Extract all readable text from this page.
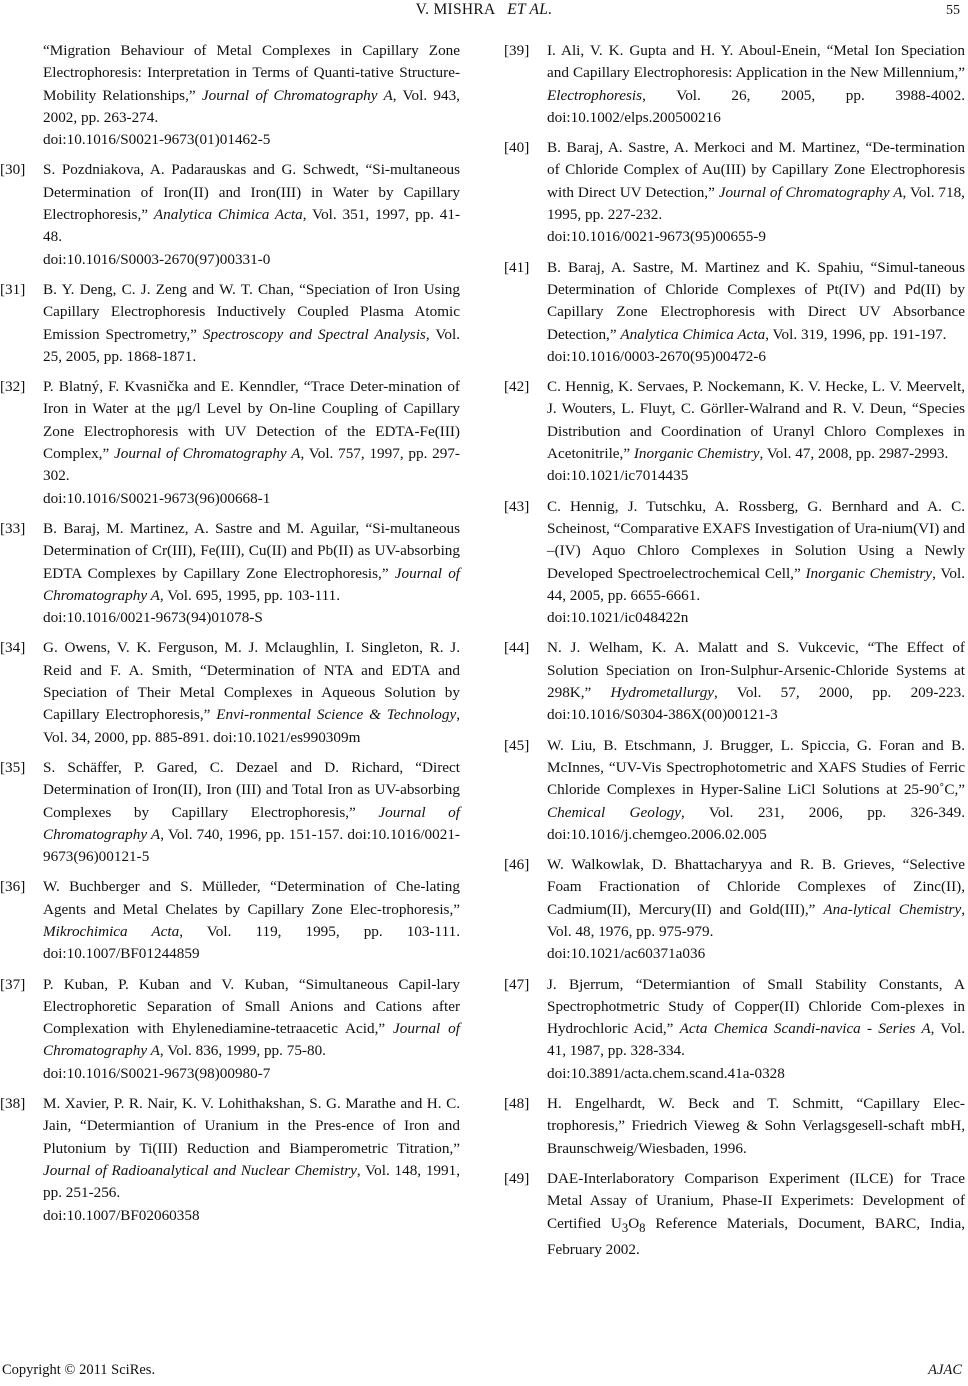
V. MISHRA ET AL.	55
“Migration Behaviour of Metal Complexes in Capillary Zone Electrophoresis: Interpretation in Terms of Quanti-tative Structure-Mobility Relationships,” Journal of Chromatography A, Vol. 943, 2002, pp. 263-274.
doi:10.1016/S0021-9673(01)01462-5
[30] S. Pozdniakova, A. Padarauskas and G. Schwedt, “Si-multaneous Determination of Iron(II) and Iron(III) in Water by Capillary Electrophoresis,” Analytica Chimica Acta, Vol. 351, 1997, pp. 41-48.
doi:10.1016/S0003-2670(97)00331-0
[31] B. Y. Deng, C. J. Zeng and W. T. Chan, “Speciation of Iron Using Capillary Electrophoresis Inductively Coupled Plasma Atomic Emission Spectrometry,” Spectroscopy and Spectral Analysis, Vol. 25, 2005, pp. 1868-1871.
[32] P. Blatný, F. Kvasnička and E. Kenndler, “Trace Deter-mination of Iron in Water at the μg/l Level by On-line Coupling of Capillary Zone Electrophoresis with UV Detection of the EDTA-Fe(III) Complex,” Journal of Chromatography A, Vol. 757, 1997, pp. 297-302.
doi:10.1016/S0021-9673(96)00668-1
[33] B. Baraj, M. Martinez, A. Sastre and M. Aguilar, “Si-multaneous Determination of Cr(III), Fe(III), Cu(II) and Pb(II) as UV-absorbing EDTA Complexes by Capillary Zone Electrophoresis,” Journal of Chromatography A, Vol. 695, 1995, pp. 103-111.
doi:10.1016/0021-9673(94)01078-S
[34] G. Owens, V. K. Ferguson, M. J. Mclaughlin, I. Singleton, R. J. Reid and F. A. Smith, “Determination of NTA and EDTA and Speciation of Their Metal Complexes in Aqueous Solution by Capillary Electrophoresis,” Envi-ronmental Science & Technology, Vol. 34, 2000, pp. 885-891. doi:10.1021/es990309m
[35] S. Schäffer, P. Gared, C. Dezael and D. Richard, “Direct Determination of Iron(II), Iron (III) and Total Iron as UV-absorbing Complexes by Capillary Electrophoresis,” Journal of Chromatography A, Vol. 740, 1996, pp. 151-157. doi:10.1016/0021-9673(96)00121-5
[36] W. Buchberger and S. Mülleder, “Determination of Che-lating Agents and Metal Chelates by Capillary Zone Elec-trophoresis,” Mikrochimica Acta, Vol. 119, 1995, pp. 103-111. doi:10.1007/BF01244859
[37] P. Kuban, P. Kuban and V. Kuban, “Simultaneous Capil-lary Electrophoretic Separation of Small Anions and Cations after Complexation with Ehylenediamine-tetraacetic Acid,” Journal of Chromatography A, Vol. 836, 1999, pp. 75-80.
doi:10.1016/S0021-9673(98)00980-7
[38] M. Xavier, P. R. Nair, K. V. Lohithakshan, S. G. Marathe and H. C. Jain, “Determiantion of Uranium in the Pres-ence of Iron and Plutonium by Ti(III) Reduction and Biamperometric Titration,” Journal of Radioanalytical and Nuclear Chemistry, Vol. 148, 1991, pp. 251-256.
doi:10.1007/BF02060358
[39] I. Ali, V. K. Gupta and H. Y. Aboul-Enein, “Metal Ion Speciation and Capillary Electrophoresis: Application in the New Millennium,” Electrophoresis, Vol. 26, 2005, pp. 3988-4002. doi:10.1002/elps.200500216
[40] B. Baraj, A. Sastre, A. Merkoci and M. Martinez, “De-termination of Chloride Complex of Au(III) by Capillary Zone Electrophoresis with Direct UV Detection,” Journal of Chromatography A, Vol. 718, 1995, pp. 227-232.
doi:10.1016/0021-9673(95)00655-9
[41] B. Baraj, A. Sastre, M. Martinez and K. Spahiu, “Simul-taneous Determination of Chloride Complexes of Pt(IV) and Pd(II) by Capillary Zone Electrophoresis with Direct UV Absorbance Detection,” Analytica Chimica Acta, Vol. 319, 1996, pp. 191-197.
doi:10.1016/0003-2670(95)00472-6
[42] C. Hennig, K. Servaes, P. Nockemann, K. V. Hecke, L. V. Meervelt, J. Wouters, L. Fluyt, C. Görller-Walrand and R. V. Deun, “Species Distribution and Coordination of Uranyl Chloro Complexes in Acetonitrile,” Inorganic Chemistry, Vol. 47, 2008, pp. 2987-2993.
doi:10.1021/ic7014435
[43] C. Hennig, J. Tutschku, A. Rossberg, G. Bernhard and A. C. Scheinost, “Comparative EXAFS Investigation of Ura-nium(VI) and –(IV) Aquo Chloro Complexes in Solution Using a Newly Developed Spectroelectrochemical Cell,” Inorganic Chemistry, Vol. 44, 2005, pp. 6655-6661.
doi:10.1021/ic048422n
[44] N. J. Welham, K. A. Malatt and S. Vukcevic, “The Effect of Solution Speciation on Iron-Sulphur-Arsenic-Chloride Systems at 298K,” Hydrometallurgy, Vol. 57, 2000, pp. 209-223. doi:10.1016/S0304-386X(00)00121-3
[45] W. Liu, B. Etschmann, J. Brugger, L. Spiccia, G. Foran and B. McInnes, “UV-Vis Spectrophotometric and XAFS Studies of Ferric Chloride Complexes in Hyper-Saline LiCl Solutions at 25-90˚C,” Chemical Geology, Vol. 231, 2006, pp. 326-349. doi:10.1016/j.chemgeo.2006.02.005
[46] W. Walkowlak, D. Bhattacharyya and R. B. Grieves, “Selective Foam Fractionation of Chloride Complexes of Zinc(II), Cadmium(II), Mercury(II) and Gold(III),” Ana-lytical Chemistry, Vol. 48, 1976, pp. 975-979.
doi:10.1021/ac60371a036
[47] J. Bjerrum, “Determiantion of Small Stability Constants, A Spectrophotmetric Study of Copper(II) Chloride Com-plexes in Hydrochloric Acid,” Acta Chemica Scandi-navica - Series A, Vol. 41, 1987, pp. 328-334.
doi:10.3891/acta.chem.scand.41a-0328
[48] H. Engelhardt, W. Beck and T. Schmitt, “Capillary Elec-trophoresis,” Friedrich Vieweg & Sohn Verlagsgesell-schaft mbH, Braunschweig/Wiesbaden, 1996.
[49] DAE-Interlaboratory Comparison Experiment (ILCE) for Trace Metal Assay of Uranium, Phase-II Experimets: Development of Certified $U_3O_8$ Reference Materials, Document, BARC, India, February 2002.
Copyright © 2011 SciRes.	AJAC
